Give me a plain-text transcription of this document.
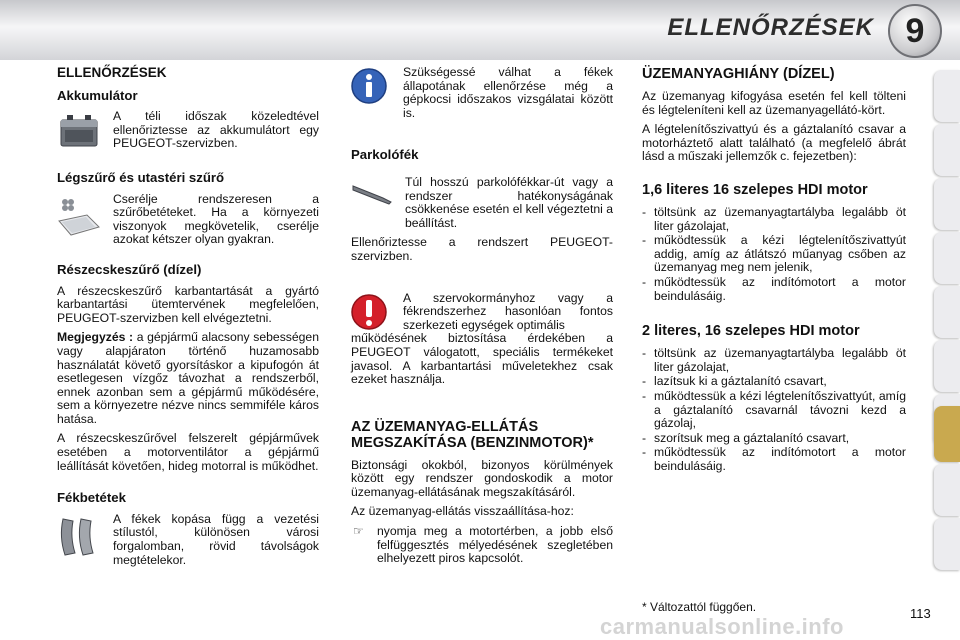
ELLENŐRZÉSEK 9
ELLENŐRZÉSEK
Akkumulátor

A téli időszak közeledtével ellenőriztesse az akkumulátort egy PEUGEOT-szervizben.

Légszűrő és utastéri szűrő

Cserélje rendszeresen a szűrőbetéteket. Ha a környezeti viszonyok megkövetelik, cserélje azokat kétszer olyan gyakran.

Részecskeszűrő (dízel)

A részecskeszűrő karbantartását a gyártó karbantartási ütemtervének megfelelően, PEUGEOT-szervizben kell elvégeztetni.

Megjegyzés : a gépjármű alacsony sebességen vagy alapjáraton történő huzamosabb használatát követő gyorsításkor a kipufogón át esetlegesen vízgőz távozhat a rendszerből, ennek azonban sem a gépjármű működésére, sem a környezetre nézve nincs semmiféle káros hatása.

A részecskeszűrővel felszerelt gépjárművek esetében a motorventilátor a gépjármű leállítását követően, hideg motorral is működhet.

Fékbetétek

A fékek kopása függ a vezetési stílustól, különösen városi forgalomban, rövid távolságok megtételekor.

Szükségessé válhat a fékek állapotának ellenőrzése még a gépkocsi időszakos vizsgálatai között is.

Parkolófék

Túl hosszú parkolófékkar-út vagy a rendszer hatékonyságának csökkenése esetén el kell végeztetni a beállítást.

Ellenőriztesse a rendszert PEUGEOT-szervizben.

A szervokormányhoz vagy a fékrendszerhez hasonlóan fontos szerkezeti egységek optimális

működésének biztosítása érdekében a PEUGEOT válogatott, speciális termékeket javasol. A karbantartási műveletekhez csak ezeket használja.

AZ ÜZEMANYAG-ELLÁTÁS MEGSZAKÍTÁSA (BENZINMOTOR)*

Biztonsági okokból, bizonyos körülmények között egy rendszer gondoskodik a motor üzemanyag-ellátásának megszakításáról.

Az üzemanyag-ellátás visszaállítása-hoz:

☞ nyomja meg a motortérben, a jobb első felfüggesztés mélyedésének szegletében elhelyezett piros kapcsolót.
ÜZEMANYAGHIÁNY (DÍZEL)

Az üzemanyag kifogyása esetén fel kell tölteni és légteleníteni kell az üzemanyagellátó-kört.

A légtelenítőszivattyú és a gáztalanító csavar a motorháztető alatt található (a megfelelő ábrát lásd a műszaki jellemzők c. fejezetben):

1,6 literes 16 szelepes HDI motor
- töltsünk az üzemanyagtartályba legalább öt liter gázolajat,
- működtessük a kézi légtelenítőszivattyút addig, amíg az átlátszó műanyag csőben az üzemanyag meg nem jelenik,
- működtessük az indítómotort a motor beindulásáig.
2 literes, 16 szelepes HDI motor
- töltsünk az üzemanyagtartályba legalább öt liter gázolajat,
- lazítsuk ki a gáztalanító csavart,
- működtessük a kézi légtelenítőszivattyút, amíg a gáztalanító csavarnál távozni kezd a gázolaj,
- szorítsuk meg a gáztalanító csavart,
- működtessük az indítómotort a motor beindulásáig.
* Változattól függően.
carmanualsonline.info
113
